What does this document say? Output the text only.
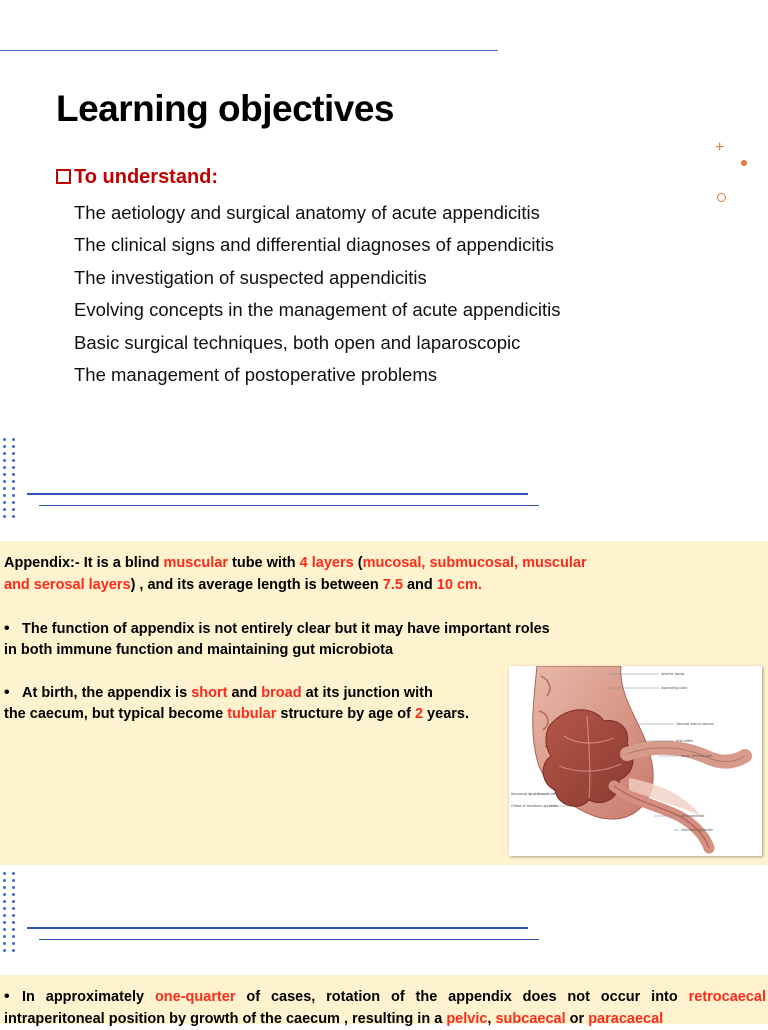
Learning objectives
To understand:
The aetiology and surgical anatomy of acute appendicitis
The clinical signs and differential diagnoses of appendicitis
The investigation of suspected appendicitis
Evolving concepts in the management of acute appendicitis
Basic surgical techniques, both open and laparoscopic
The management of postoperative problems
+
Appendix:- It is a blind muscular tube with 4 layers (mucosal, submucosal, muscular
and serosal layers) , and its average length is between 7.5 and 10 cm.
• The function of appendix is not entirely clear but it may have important roles
in both immune function and maintaining gut microbiota
• At birth, the appendix is short and broad at its junction with
the caecum, but typical become tubular structure by age of 2 years.
Anterior taenia
Ascending colon
Vascular fold of caecum
Ileal orifice
Ileum, terminal part
Mesoappendix
Vermiform appendix
Orifice of vermiform appendix
Ileocaecal lip of ileocolic valve
• In approximately one-quarter of cases, rotation of the appendix does not occur into retrocaecal intraperitoneal position by growth of the caecum , resulting in a pelvic, subcaecal or paracaecal
